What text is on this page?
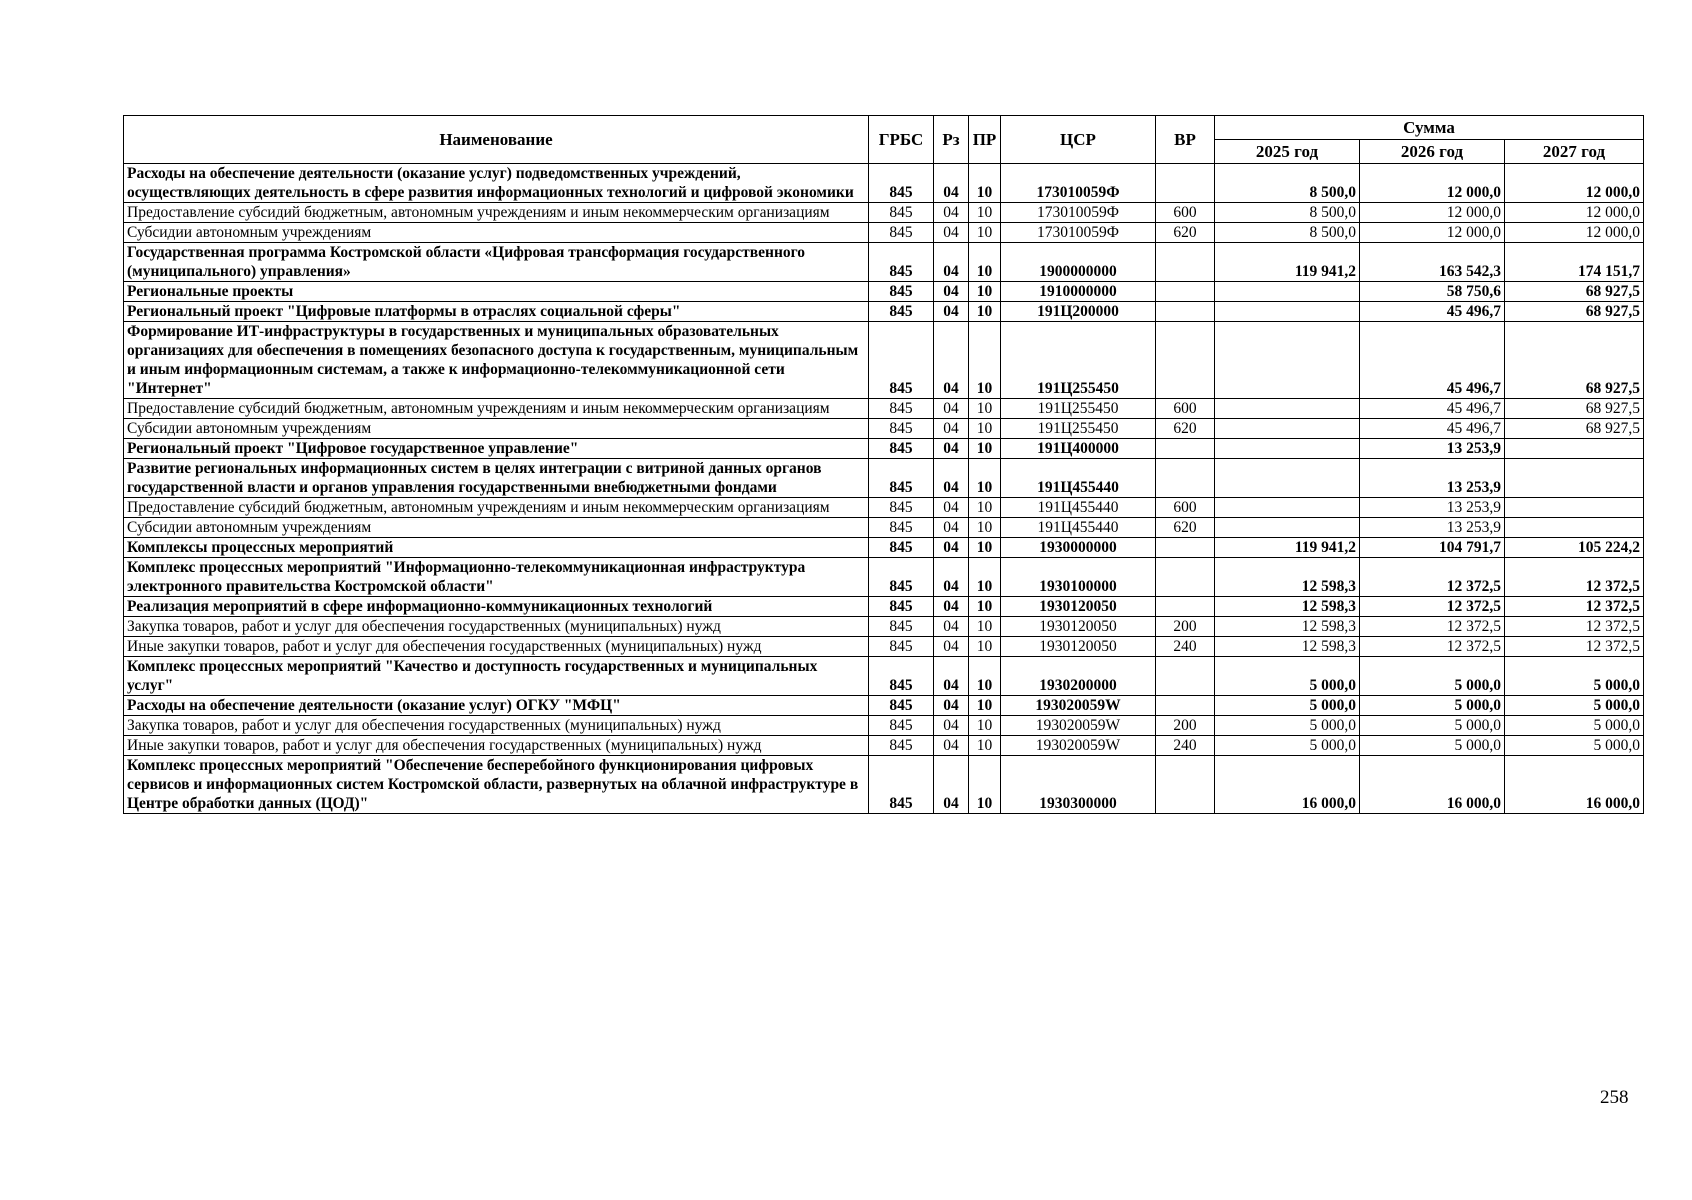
Наименование	ГРБС	Рз	ПР	ЦСР	ВР	Сумма		
						2025 год	2026 год	2027 год
Расходы на обеспечение деятельности (оказание услуг) подведомственных учреждений, осуществляющих деятельность в сфере развития информационных технологий и цифровой экономики	845	04	10	173010059Ф		8 500,0	12 000,0	12 000,0
Предоставление субсидий бюджетным, автономным учреждениям и иным некоммерческим организациям	845	04	10	173010059Ф	600	8 500,0	12 000,0	12 000,0
Субсидии автономным учреждениям	845	04	10	173010059Ф	620	8 500,0	12 000,0	12 000,0
Государственная программа Костромской области «Цифровая трансформация государственного (муниципального) управления»	845	04	10	1900000000		119 941,2	163 542,3	174 151,7
Региональные проекты	845	04	10	1910000000			58 750,6	68 927,5
Региональный проект "Цифровые платформы в отраслях социальной сферы"	845	04	10	191Ц200000			45 496,7	68 927,5
Формирование ИТ-инфраструктуры в государственных и муниципальных образовательных организациях для обеспечения в помещениях безопасного доступа к государственным, муниципальным и иным информационным системам, а также к информационно-телекоммуникационной сети "Интернет"	845	04	10	191Ц255450			45 496,7	68 927,5
Предоставление субсидий бюджетным, автономным учреждениям и иным некоммерческим организациям	845	04	10	191Ц255450	600		45 496,7	68 927,5
Субсидии автономным учреждениям	845	04	10	191Ц255450	620		45 496,7	68 927,5
Региональный проект "Цифровое государственное управление"	845	04	10	191Ц400000			13 253,9	
Развитие региональных информационных систем в целях интеграции с витриной данных органов государственной власти и органов управления государственными внебюджетными фондами	845	04	10	191Ц455440			13 253,9	
Предоставление субсидий бюджетным, автономным учреждениям и иным некоммерческим организациям	845	04	10	191Ц455440	600		13 253,9	
Субсидии автономным учреждениям	845	04	10	191Ц455440	620		13 253,9	
Комплексы процессных мероприятий	845	04	10	1930000000		119 941,2	104 791,7	105 224,2
Комплекс процессных мероприятий "Информационно-телекоммуникационная инфраструктура электронного правительства Костромской области"	845	04	10	1930100000		12 598,3	12 372,5	12 372,5
Реализация мероприятий в сфере информационно-коммуникационных технологий	845	04	10	1930120050		12 598,3	12 372,5	12 372,5
Закупка товаров, работ и услуг для обеспечения государственных (муниципальных) нужд	845	04	10	1930120050	200	12 598,3	12 372,5	12 372,5
Иные закупки товаров, работ и услуг для обеспечения государственных (муниципальных) нужд	845	04	10	1930120050	240	12 598,3	12 372,5	12 372,5
Комплекс процессных мероприятий "Качество и доступность государственных и муниципальных услуг"	845	04	10	1930200000		5 000,0	5 000,0	5 000,0
Расходы на обеспечение деятельности (оказание услуг) ОГКУ "МФЦ"	845	04	10	193020059W		5 000,0	5 000,0	5 000,0
Закупка товаров, работ и услуг для обеспечения государственных (муниципальных) нужд	845	04	10	193020059W	200	5 000,0	5 000,0	5 000,0
Иные закупки товаров, работ и услуг для обеспечения государственных (муниципальных) нужд	845	04	10	193020059W	240	5 000,0	5 000,0	5 000,0
Комплекс процессных мероприятий "Обеспечение бесперебойного функционирования цифровых сервисов и информационных систем Костромской области, развернутых на облачной инфраструктуре в Центре обработки данных (ЦОД)"	845	04	10	1930300000		16 000,0	16 000,0	16 000,0
258
